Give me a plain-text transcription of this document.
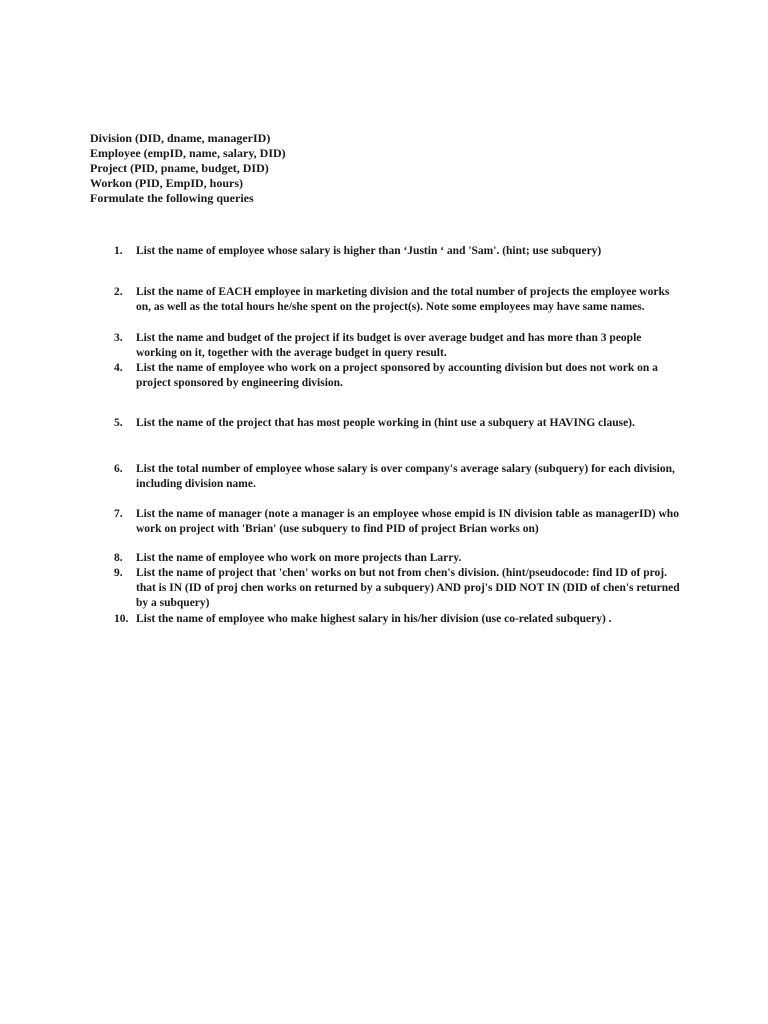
Division (DID, dname, managerID)
Employee (empID, name, salary, DID)
Project (PID, pname, budget, DID)
Workon (PID, EmpID, hours)
Formulate the following queries
1.	List the name of employee whose salary is higher than ‘Justin ‘ and 'Sam'. (hint; use subquery)
2.	List the name of EACH employee in marketing division and the total number of projects the employee works on, as well as the total hours he/she spent on the project(s). Note some employees may have same names.
3.	List the name and budget of the project if its budget is over average budget and has more than 3 people working on it, together with the average budget in query result.
4.	List the name of employee who work on a project sponsored by accounting division but does not work on a project sponsored by engineering division.
5.	List the name of the project that has most people working in (hint use a subquery at HAVING clause).
6.	List the total number of employee whose salary is over company's average salary (subquery) for each division, including division name.
7.	List the name of manager (note a manager is an employee whose empid is IN division table as managerID) who work on project with 'Brian' (use subquery to find PID of project Brian works on)
8.	List the name of employee who work on more projects than Larry.
9.	List the name of project that 'chen' works on but not from chen's division. (hint/pseudocode: find ID of proj. that is IN (ID of proj chen works on returned by a subquery) AND proj's DID NOT IN (DID of chen's returned by a subquery)
10. List the name of employee who make highest salary in his/her division (use co-related subquery) .
